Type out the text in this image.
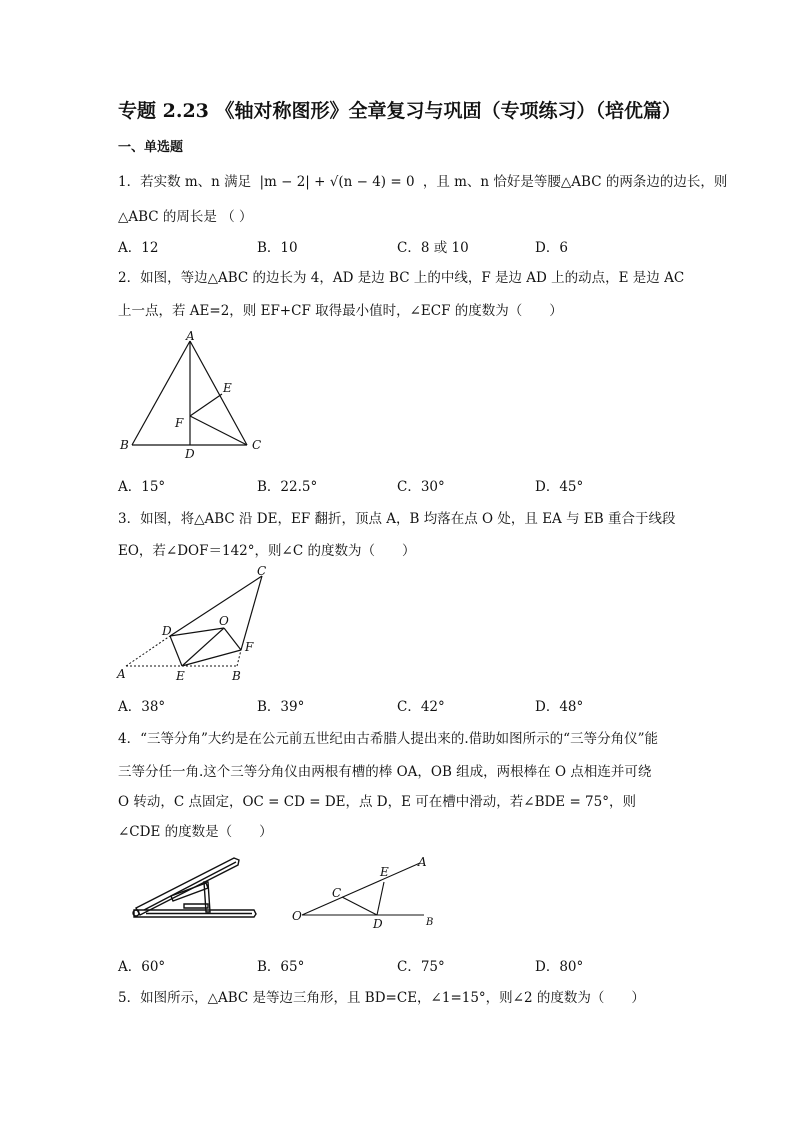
专题 2.23 《轴对称图形》全章复习与巩固（专项练习）（培优篇）
一、单选题
1．若实数 m、n 满足 |m − 2| + √(n − 4) = 0 ，且 m、n 恰好是等腰△ABC 的两条边的边长，则
△ABC 的周长是 （ ）
A．12	B．10	C．8 或 10	D．6
2．如图，等边△ABC 的边长为 4，AD 是边 BC 上的中线，F 是边 AD 上的动点，E 是边 AC
上一点，若 AE=2，则 EF+CF 取得最小值时，∠ECF 的度数为（　　）
A
E
F
B
D
C
A．15°	B．22.5°	C．30°	D．45°
3．如图，将△ABC 沿 DE，EF 翻折，顶点 A，B 均落在点 O 处，且 EA 与 EB 重合于线段
EO，若∠DOF＝142°，则∠C 的度数为（　　）
C
D
O
F
A	E	B
A．38°	B．39°	C．42°	D．48°
4．“三等分角”大约是在公元前五世纪由古希腊人提出来的.借助如图所示的“三等分角仪”能
三等分任一角.这个三等分角仪由两根有槽的棒 OA，OB 组成，两根棒在 O 点相连并可绕
O 转动，C 点固定，OC = CD = DE，点 D，E 可在槽中滑动，若∠BDE = 75°，则
∠CDE 的度数是（　　）
E
A
C
O
D	B
A．60°	B．65°	C．75°	D．80°
5．如图所示，△ABC 是等边三角形，且 BD=CE，∠1=15°，则∠2 的度数为（　　）
